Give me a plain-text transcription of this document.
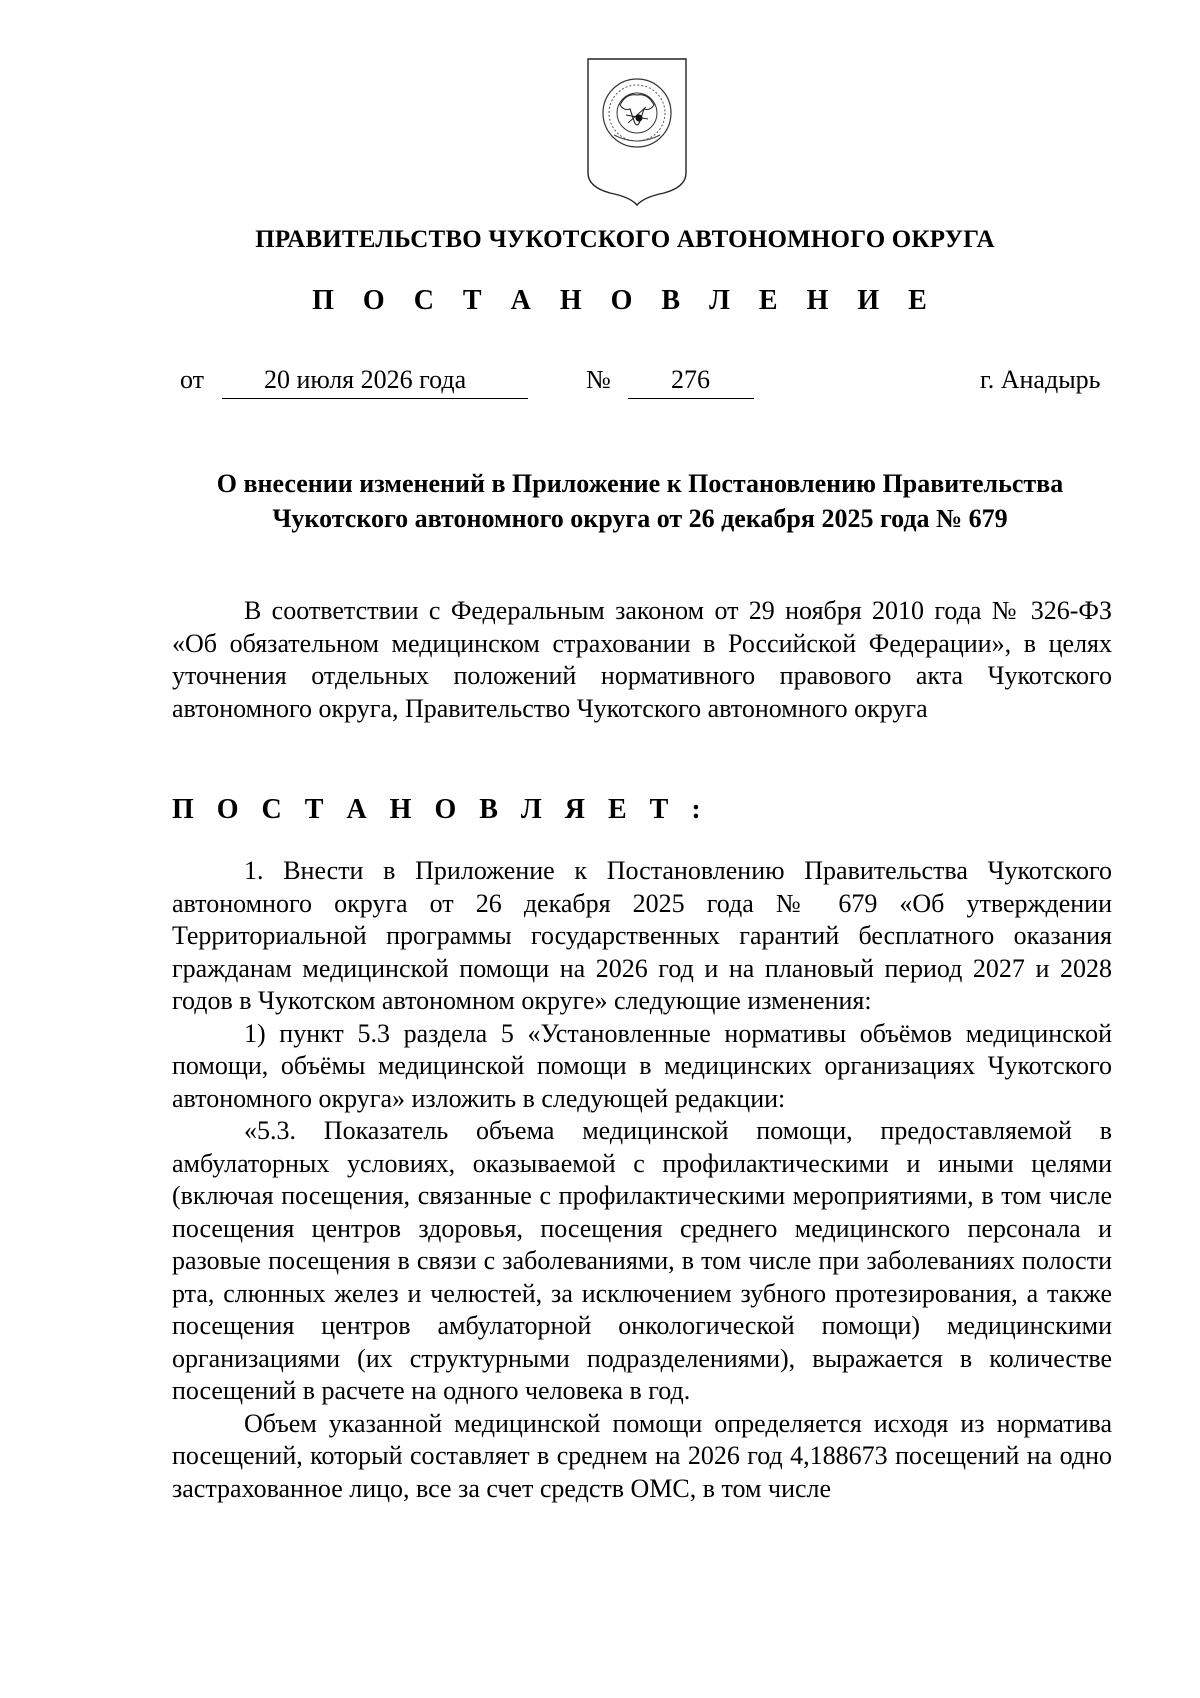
ПРАВИТЕЛЬСТВО ЧУКОТСКОГО АВТОНОМНОГО ОКРУГА
П О С Т А Н О В Л Е Н И Е
от 20 июля 2026 года	№ 276	г. Анадырь
О внесении изменений в Приложение к Постановлению Правительства
Чукотского автономного округа от 26 декабря 2025 года № 679

В соответствии с Федеральным законом от 29 ноября 2010 года № 326-ФЗ «Об обязательном медицинском страховании в Российской Федерации», в целях уточнения отдельных положений нормативного правового акта Чукотского автономного округа, Правительство Чукотского автономного округа

П О С Т А Н О В Л Я Е Т :

1. Внести в Приложение к Постановлению Правительства Чукотского автономного округа от 26 декабря 2025 года № 679 «Об утверждении Территориальной программы государственных гарантий бесплатного оказания гражданам медицинской помощи на 2026 год и на плановый период 2027 и 2028 годов в Чукотском автономном округе» следующие изменения:

1) пункт 5.3 раздела 5 «Установленные нормативы объёмов медицинской помощи, объёмы медицинской помощи в медицинских организациях Чукотского автономного округа» изложить в следующей редакции:

«5.3. Показатель объема медицинской помощи, предоставляемой в амбулаторных условиях, оказываемой с профилактическими и иными целями (включая посещения, связанные с профилактическими мероприятиями, в том числе посещения центров здоровья, посещения среднего медицинского персонала и разовые посещения в связи с заболеваниями, в том числе при заболеваниях полости рта, слюнных желез и челюстей, за исключением зубного протезирования, а также посещения центров амбулаторной онкологической помощи) медицинскими организациями (их структурными подразделениями), выражается в количестве посещений в расчете на одного человека в год.

Объем указанной медицинской помощи определяется исходя из норматива посещений, который составляет в среднем на 2026 год 4,188673 посещений на одно застрахованное лицо, все за счет средств ОМС, в том числе
